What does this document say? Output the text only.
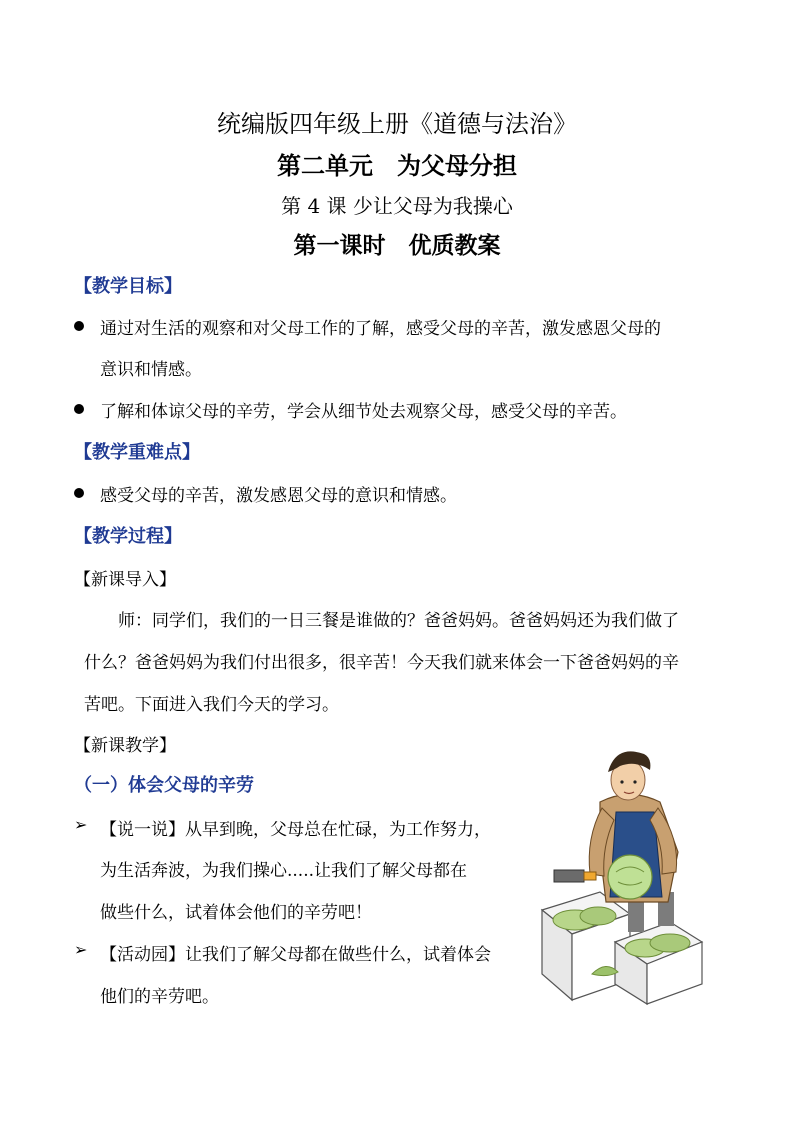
统编版四年级上册《道德与法治》
第二单元　为父母分担
第 4 课 少让父母为我操心
第一课时　优质教案
【教学目标】
通过对生活的观察和对父母工作的了解，感受父母的辛苦，激发感恩父母的
意识和情感。
了解和体谅父母的辛劳，学会从细节处去观察父母，感受父母的辛苦。
【教学重难点】
感受父母的辛苦，激发感恩父母的意识和情感。
【教学过程】
【新课导入】
师：同学们，我们的一日三餐是谁做的？爸爸妈妈。爸爸妈妈还为我们做了
什么？爸爸妈妈为我们付出很多，很辛苦！今天我们就来体会一下爸爸妈妈的辛
苦吧。下面进入我们今天的学习。
【新课教学】
（一）体会父母的辛劳
➢ 【说一说】从早到晚，父母总在忙碌，为工作努力，
为生活奔波，为我们操心.....让我们了解父母都在
做些什么，试着体会他们的辛劳吧！
➢ 【活动园】让我们了解父母都在做些什么，试着体会
他们的辛劳吧。
